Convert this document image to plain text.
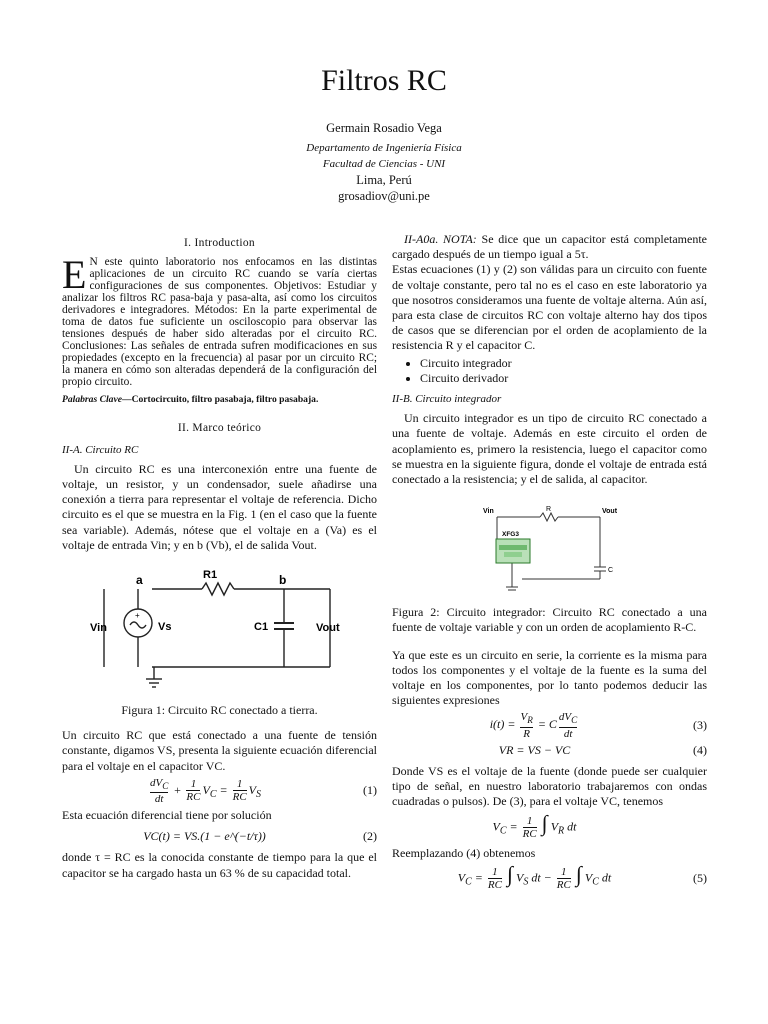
Filtros RC
Germain Rosadio Vega
Departamento de Ingeniería Física
Facultad de Ciencias - UNI
Lima, Perú
grosadiov@uni.pe
I. Introduction
E N este quinto laboratorio nos enfocamos en las distintas aplicaciones de un circuito RC cuando se varía ciertas configuraciones de sus componentes. Objetivos: Estudiar y analizar los filtros RC pasa-baja y pasa-alta, así como los circuitos derivadores e integradores. Métodos: En la parte experimental de toma de datos fue suficiente un osciloscopio para observar las tensiones después de haber sido alteradas por el circuito RC. Conclusiones: Las señales de entrada sufren modificaciones en sus propiedades (excepto en la frecuencia) al pasar por un circuito RC; la manera en cómo son alteradas dependerá de la configuración del propio circuito.
Palabras Clave—Cortocircuito, filtro pasabaja, filtro pasabaja.
II. Marco teórico
II-A. Circuito RC

Un circuito RC es una interconexión entre una fuente de voltaje, un resistor, y un condensador, suele añadirse una conexión a tierra para representar el voltaje de referencia. Dicho circuito es el que se muestra en la Fig. 1 (en el caso que la fuente sea variable). Además, nótese que el voltaje en a (Va) es el voltaje de entrada Vin; y en b (Vb), el de salida Vout.

+
a	R1	b
Vin	Vs	C1	Vout
Figura 1: Circuito RC conectado a tierra.

Un circuito RC que está conectado a una fuente de tensión constante, digamos VS, presenta la siguiente ecuación diferencial para el voltaje en el capacitor VC.

$\frac{dV_C}{dt} + \frac{1}{RC} V_C = \frac{1}{RC} V_S$	(1)

Esta ecuación diferencial tiene por solución

VC(t) = VS.(1 − e^(−t/τ))	(2)

donde τ = RC es la conocida constante de tiempo para la que el capacitor se ha cargado hasta un 63 % de su capacidad total.

II-A0a. NOTA: Se dice que un capacitor está completamente cargado después de un tiempo igual a 5τ.

Estas ecuaciones (1) y (2) son válidas para un circuito con fuente de voltaje constante, pero tal no es el caso en este laboratorio ya que nosotros consideramos una fuente de voltaje alterna. Aún así, para esta clase de circuitos RC con voltaje alterno hay dos tipos de casos que se diferencian por el orden de acoplamiento de la resistencia R y el capacitor C.

• Circuito integrador
• Circuito derivador
II-B. Circuito integrador

Un circuito integrador es un tipo de circuito RC conectado a una fuente de voltaje. Además en este circuito el orden de acoplamiento es, primero la resistencia, luego el capacitor como se muestra en la siguiente figura, donde el voltaje de entrada está conectado a la resistencia; y el de salida, al capacitor.

Vin	R	Vout
C
XFG3
Figura 2: Circuito integrador: Circuito RC conectado a una fuente de voltaje variable y con un orden de acoplamiento R-C.

Ya que este es un circuito en serie, la corriente es la misma para todos los componentes y el voltaje de la fuente es la suma del voltaje en los componentes, por lo tanto podemos deducir las siguientes expresiones

$i(t) = \frac{V_R}{R} = C \frac{dV_C}{dt}$	(3)
VR = VS − VC	(4)

Donde VS es el voltaje de la fuente (donde puede ser cualquier tipo de señal, en nuestro laboratorio trabajaremos con ondas cuadradas o pulsos). De (3), para el voltaje VC, tenemos

$V_C = \frac{1}{RC}$ ∫ $V_R$ dt

Reemplazando (4) obtenemos

$V_C = \frac{1}{RC}$ ∫ $V_S$ dt − $\frac{1}{RC}$ ∫ $V_C$ dt	(5)
